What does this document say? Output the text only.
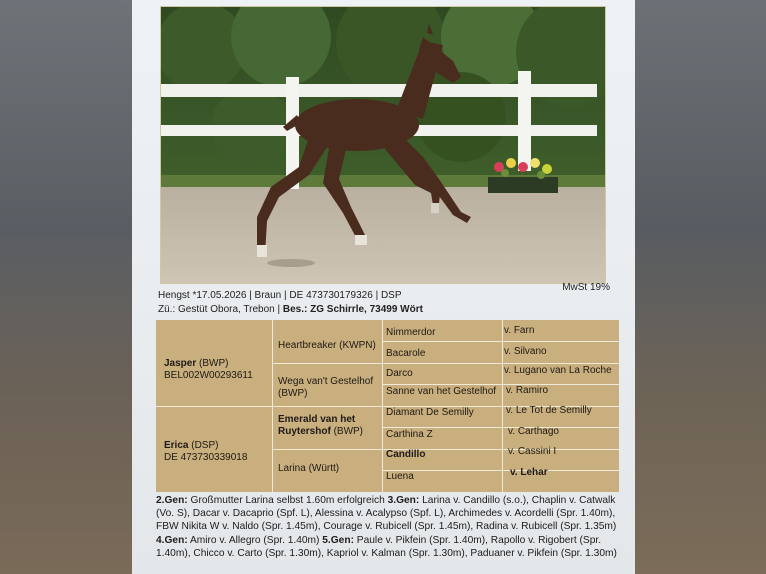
Hengst *17.05.2026 | Braun | DE 473730179326 | DSP
Zü.: Gestüt Obora, Trebon | Bes.: ZG Schirrle, 73499 Wört
MwSt 19%
Jasper (BWP)
BEL002W00293611
Erica (DSP)
DE 473730339018
Heartbreaker (KWPN)
Wega van't Gestelhof
(BWP)
Emerald van het
Ruytershof (BWP)
Larina (Württ)
Nimmerdor
Bacarole
Darco
Sanne van het Gestelhof
Diamant De Semilly
Carthina Z
Candillo
Luena
v. Farn
v. Silvano
v. Lugano van La Roche
v. Ramiro
v. Le Tot de Semilly
v. Carthago
v. Cassini I
v. Lehar
2.Gen: Großmutter Larina selbst 1.60m erfolgreich 3.Gen: Larina v. Candillo (s.o.), Chaplin v. Catwalk (Vo. S), Dacar v. Dacaprio (Spf. L), Alessina v. Acalypso (Spf. L), Archimedes v. Acordelli (Spr. 1.40m), FBW Nikita W v. Naldo (Spr. 1.45m), Courage v. Rubicell (Spr. 1.45m), Radina v. Rubicell (Spr. 1.35m) 4.Gen: Amiro v. Allegro (Spr. 1.40m) 5.Gen: Paule v. Pikfein (Spr. 1.40m), Rapollo v. Rigobert (Spr. 1.40m), Chicco v. Carto (Spr. 1.30m), Kapriol v. Kalman (Spr. 1.30m), Paduaner v. Pikfein (Spr. 1.30m)
